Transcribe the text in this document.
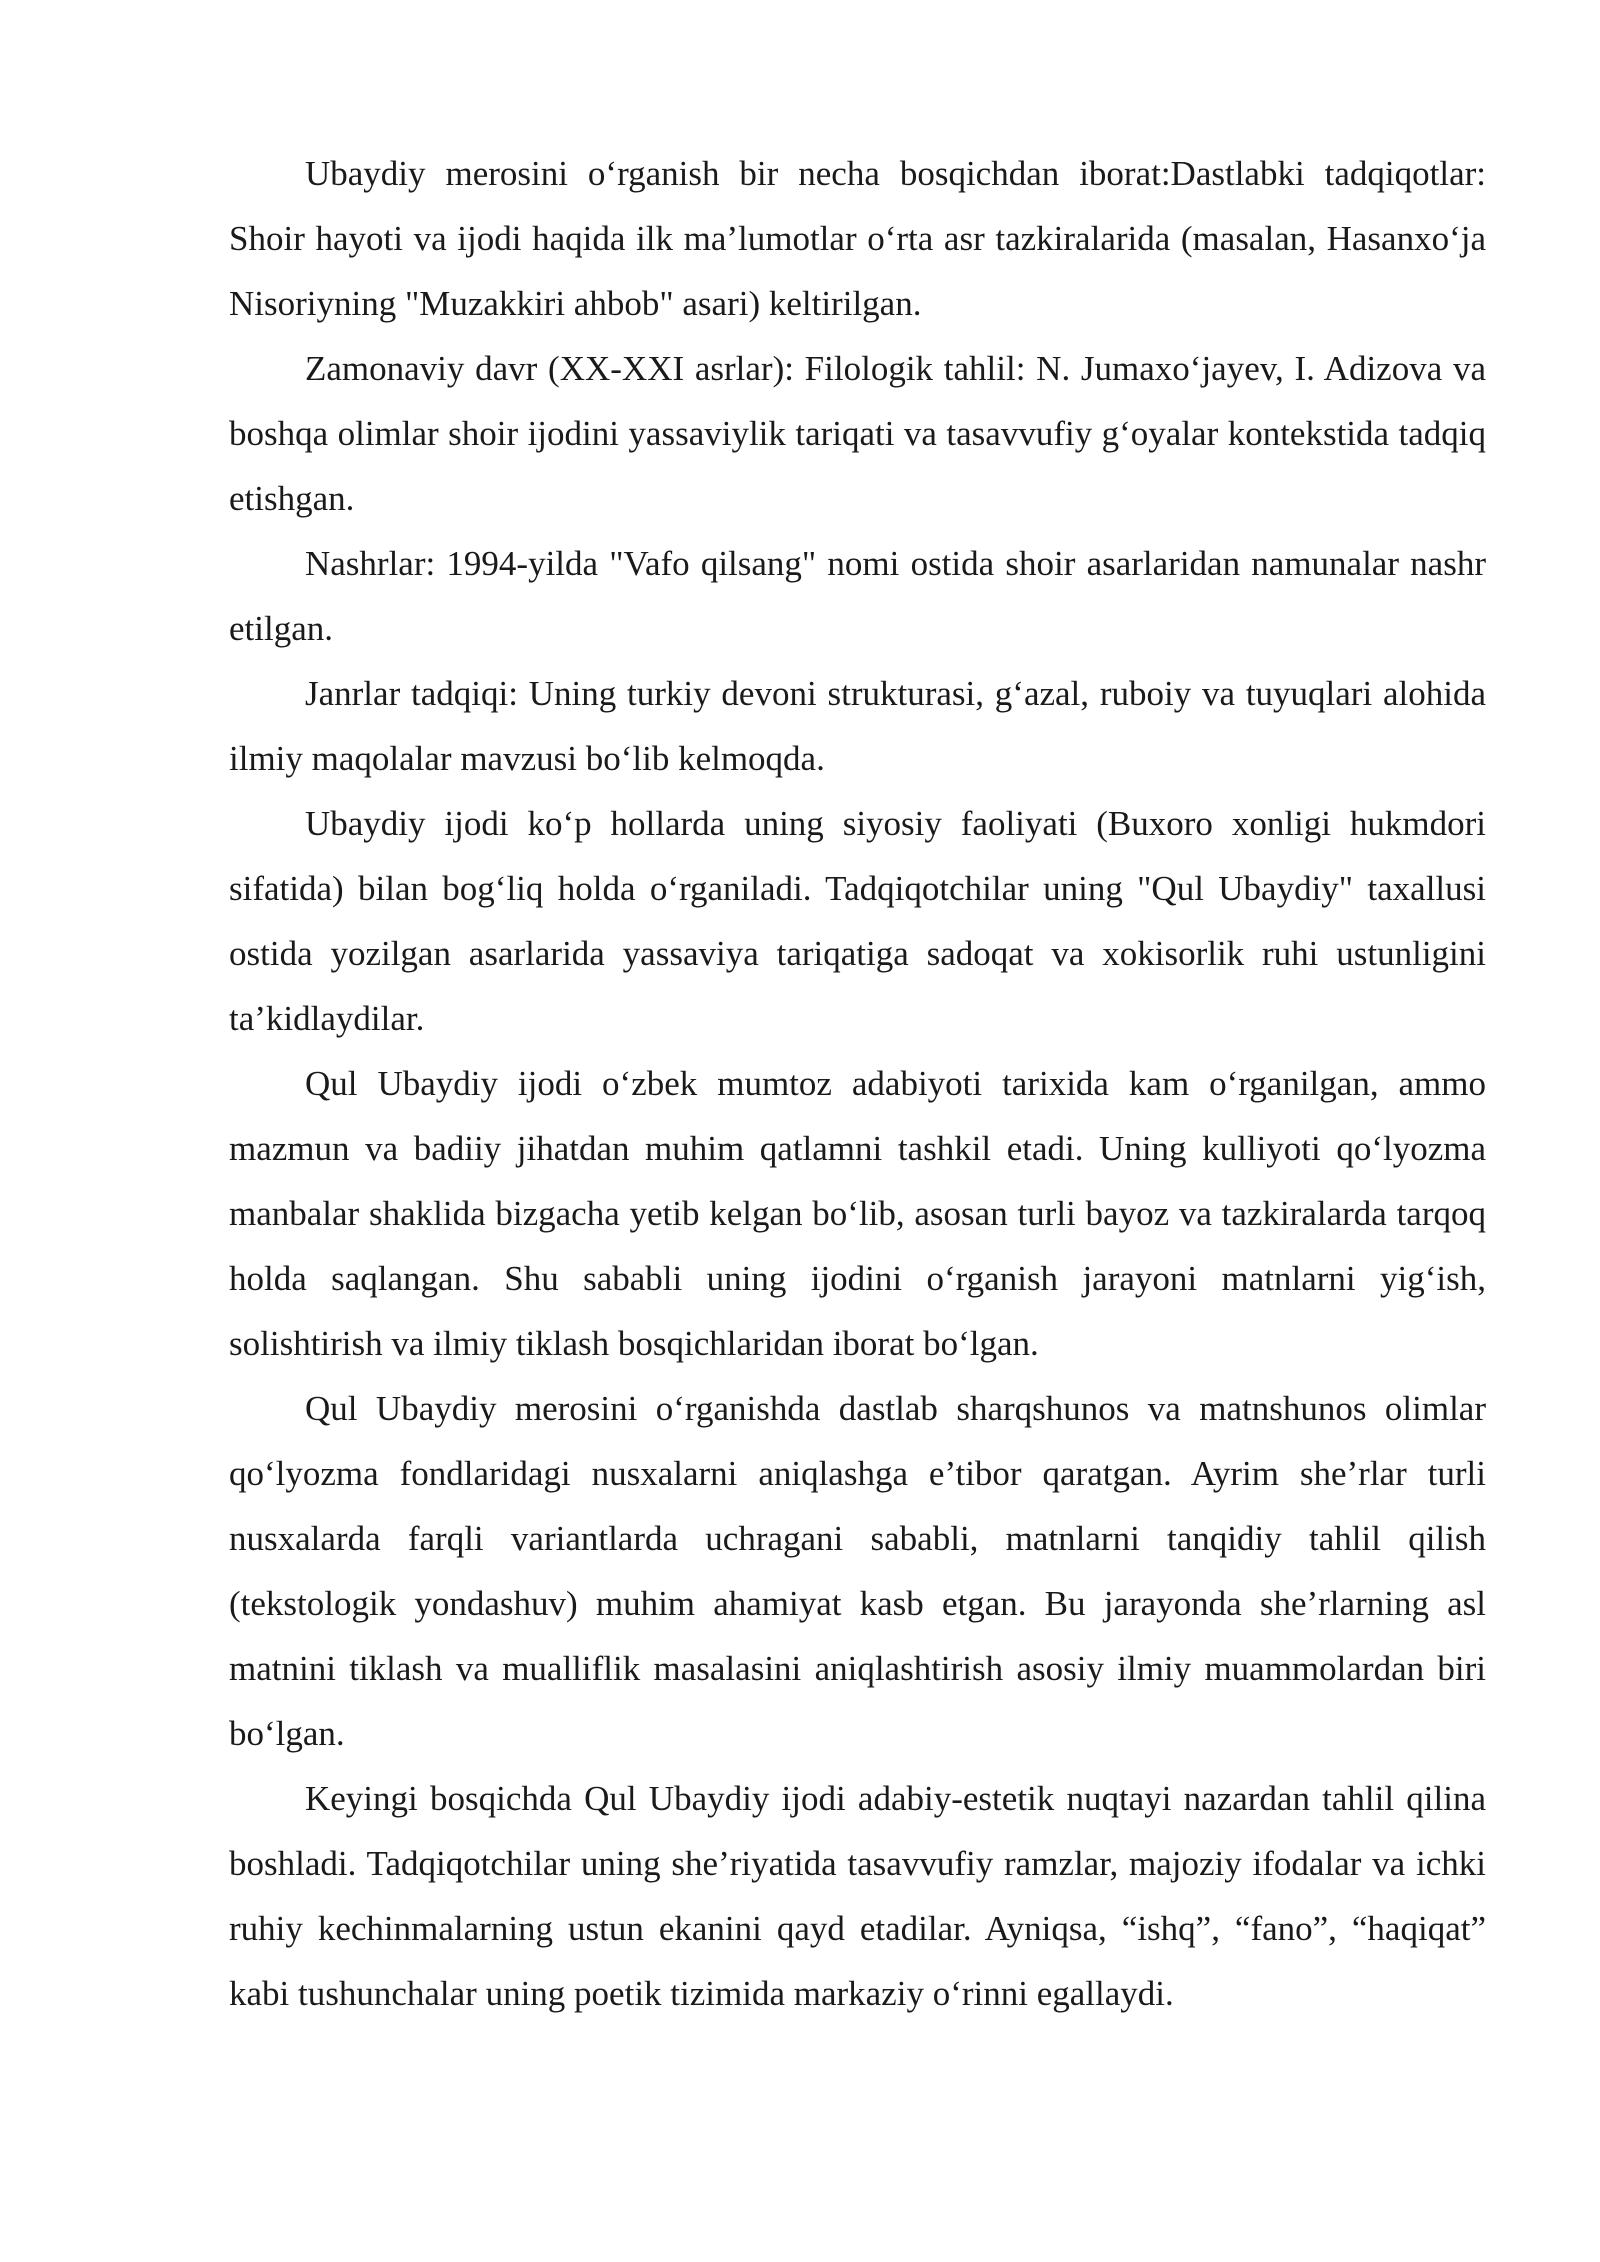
Ubaydiy merosini o‘rganish bir necha bosqichdan iborat:Dastlabki tadqiqotlar: Shoir hayoti va ijodi haqida ilk ma’lumotlar o‘rta asr tazkiralarida (masalan, Hasanxo‘ja Nisoriyning "Muzakkiri ahbob" asari) keltirilgan.

Zamonaviy davr (XX-XXI asrlar): Filologik tahlil: N. Jumaxo‘jayev, I. Adizova va boshqa olimlar shoir ijodini yassaviylik tariqati va tasavvufiy g‘oyalar kontekstida tadqiq etishgan.

Nashrlar: 1994-yilda "Vafo qilsang" nomi ostida shoir asarlaridan namunalar nashr etilgan.

Janrlar tadqiqi: Uning turkiy devoni strukturasi, g‘azal, ruboiy va tuyuqlari alohida ilmiy maqolalar mavzusi bo‘lib kelmoqda.

Ubaydiy ijodi ko‘p hollarda uning siyosiy faoliyati (Buxoro xonligi hukmdori sifatida) bilan bog‘liq holda o‘rganiladi. Tadqiqotchilar uning "Qul Ubaydiy" taxallusi ostida yozilgan asarlarida yassaviya tariqatiga sadoqat va xokisorlik ruhi ustunligini ta’kidlaydilar.

Qul Ubaydiy ijodi o‘zbek mumtoz adabiyoti tarixida kam o‘rganilgan, ammo mazmun va badiiy jihatdan muhim qatlamni tashkil etadi. Uning kulliyoti qo‘lyozma manbalar shaklida bizgacha yetib kelgan bo‘lib, asosan turli bayoz va tazkiralarda tarqoq holda saqlangan. Shu sababli uning ijodini o‘rganish jarayoni matnlarni yig‘ish, solishtirish va ilmiy tiklash bosqichlaridan iborat bo‘lgan.

Qul Ubaydiy merosini o‘rganishda dastlab sharqshunos va matnshunos olimlar qo‘lyozma fondlaridagi nusxalarni aniqlashga e’tibor qaratgan. Ayrim she’rlar turli nusxalarda farqli variantlarda uchragani sababli, matnlarni tanqidiy tahlil qilish (tekstologik yondashuv) muhim ahamiyat kasb etgan. Bu jarayonda she’rlarning asl matnini tiklash va mualliflik masalasini aniqlashtirish asosiy ilmiy muammolardan biri bo‘lgan.

Keyingi bosqichda Qul Ubaydiy ijodi adabiy-estetik nuqtayi nazardan tahlil qilina boshladi. Tadqiqotchilar uning she’riyatida tasavvufiy ramzlar, majoziy ifodalar va ichki ruhiy kechinmalarning ustun ekanini qayd etadilar. Ayniqsa, “ishq”, “fano”, “haqiqat” kabi tushunchalar uning poetik tizimida markaziy o‘rinni egallaydi.
